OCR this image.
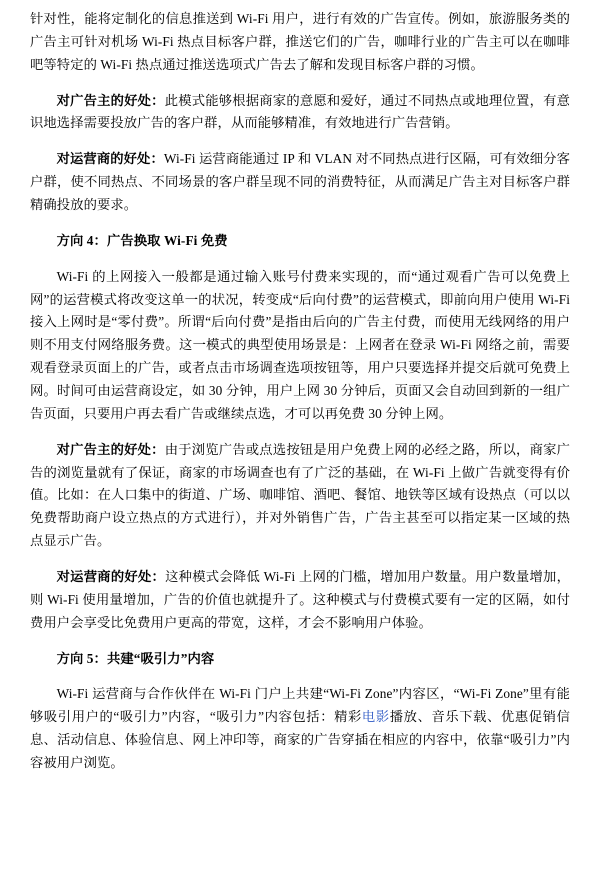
针对性，能将定制化的信息推送到 Wi-Fi 用户，进行有效的广告宣传。例如，旅游服务类的广告主可针对机场 Wi-Fi 热点目标客户群，推送它们的广告，咖啡行业的广告主可以在咖啡吧等特定的 Wi-Fi 热点通过推送选项式广告去了解和发现目标客户群的习惯。

对广告主的好处：此模式能够根据商家的意愿和爱好，通过不同热点或地理位置，有意识地选择需要投放广告的客户群，从而能够精准，有效地进行广告营销。

对运营商的好处：Wi-Fi 运营商能通过 IP 和 VLAN 对不同热点进行区隔，可有效细分客户群，使不同热点、不同场景的客户群呈现不同的消费特征，从而满足广告主对目标客户群精确投放的要求。

方向 4：广告换取 Wi-Fi 免费

Wi-Fi 的上网接入一般都是通过输入账号付费来实现的，而“通过观看广告可以免费上网”的运营模式将改变这单一的状况，转变成“后向付费”的运营模式，即前向用户使用 Wi-Fi 接入上网时是“零付费”。所谓“后向付费”是指由后向的广告主付费，而使用无线网络的用户则不用支付网络服务费。这一模式的典型使用场景是：上网者在登录 Wi-Fi 网络之前，需要观看登录页面上的广告，或者点击市场调查选项按钮等，用户只要选择并提交后就可免费上网。时间可由运营商设定，如 30 分钟，用户上网 30 分钟后，页面又会自动回到新的一组广告页面，只要用户再去看广告或继续点选，才可以再免费 30 分钟上网。

对广告主的好处：由于浏览广告或点选按钮是用户免费上网的必经之路，所以，商家广告的浏览量就有了保证，商家的市场调查也有了广泛的基础，在 Wi-Fi 上做广告就变得有价值。比如：在人口集中的街道、广场、咖啡馆、酒吧、餐馆、地铁等区域有设热点（可以以免费帮助商户设立热点的方式进行），并对外销售广告，广告主甚至可以指定某一区域的热点显示广告。

对运营商的好处：这种模式会降低 Wi-Fi 上网的门槛，增加用户数量。用户数量增加，则 Wi-Fi 使用量增加，广告的价值也就提升了。这种模式与付费模式要有一定的区隔，如付费用户会享受比免费用户更高的带宽，这样，才会不影响用户体验。

方向 5：共建“吸引力”内容

Wi-Fi 运营商与合作伙伴在 Wi-Fi 门户上共建“Wi-Fi Zone”内容区，“Wi-Fi Zone”里有能够吸引用户的“吸引力”内容，“吸引力”内容包括：精彩电影播放、音乐下载、优惠促销信息、活动信息、体验信息、网上冲印等，商家的广告穿插在相应的内容中，依靠“吸引力”内容被用户浏览。
